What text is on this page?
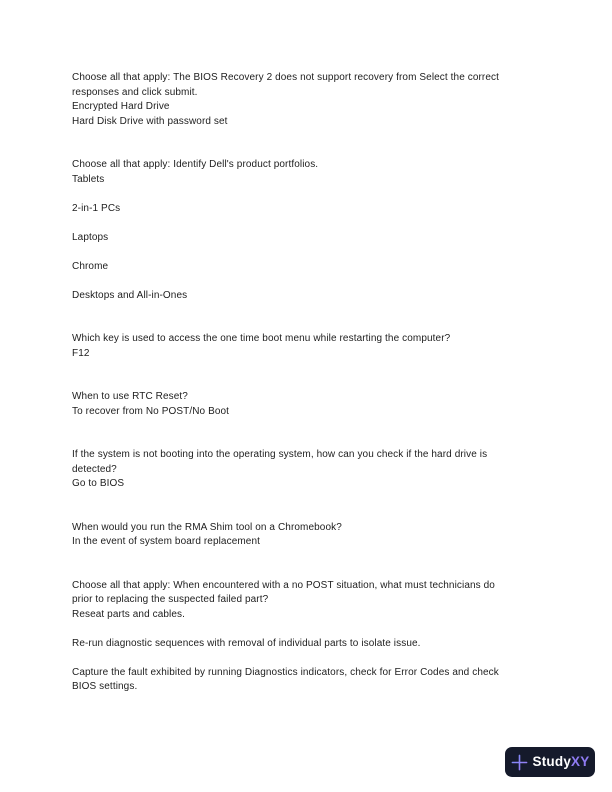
Choose all that apply: The BIOS Recovery 2 does not support recovery from Select the correct
responses and click submit.
Encrypted Hard Drive
Hard Disk Drive with password set
Choose all that apply: Identify Dell's product portfolios.
Tablets
2-in-1 PCs
Laptops
Chrome
Desktops and All-in-Ones
Which key is used to access the one time boot menu while restarting the computer?
F12
When to use RTC Reset?
To recover from No POST/No Boot
If the system is not booting into the operating system, how can you check if the hard drive is
detected?
Go to BIOS
When would you run the RMA Shim tool on a Chromebook?
In the event of system board replacement
Choose all that apply: When encountered with a no POST situation, what must technicians do
prior to replacing the suspected failed part?
Reseat parts and cables.
Re-run diagnostic sequences with removal of individual parts to isolate issue.
Capture the fault exhibited by running Diagnostics indicators, check for Error Codes and check
BIOS settings.
StudyXY
